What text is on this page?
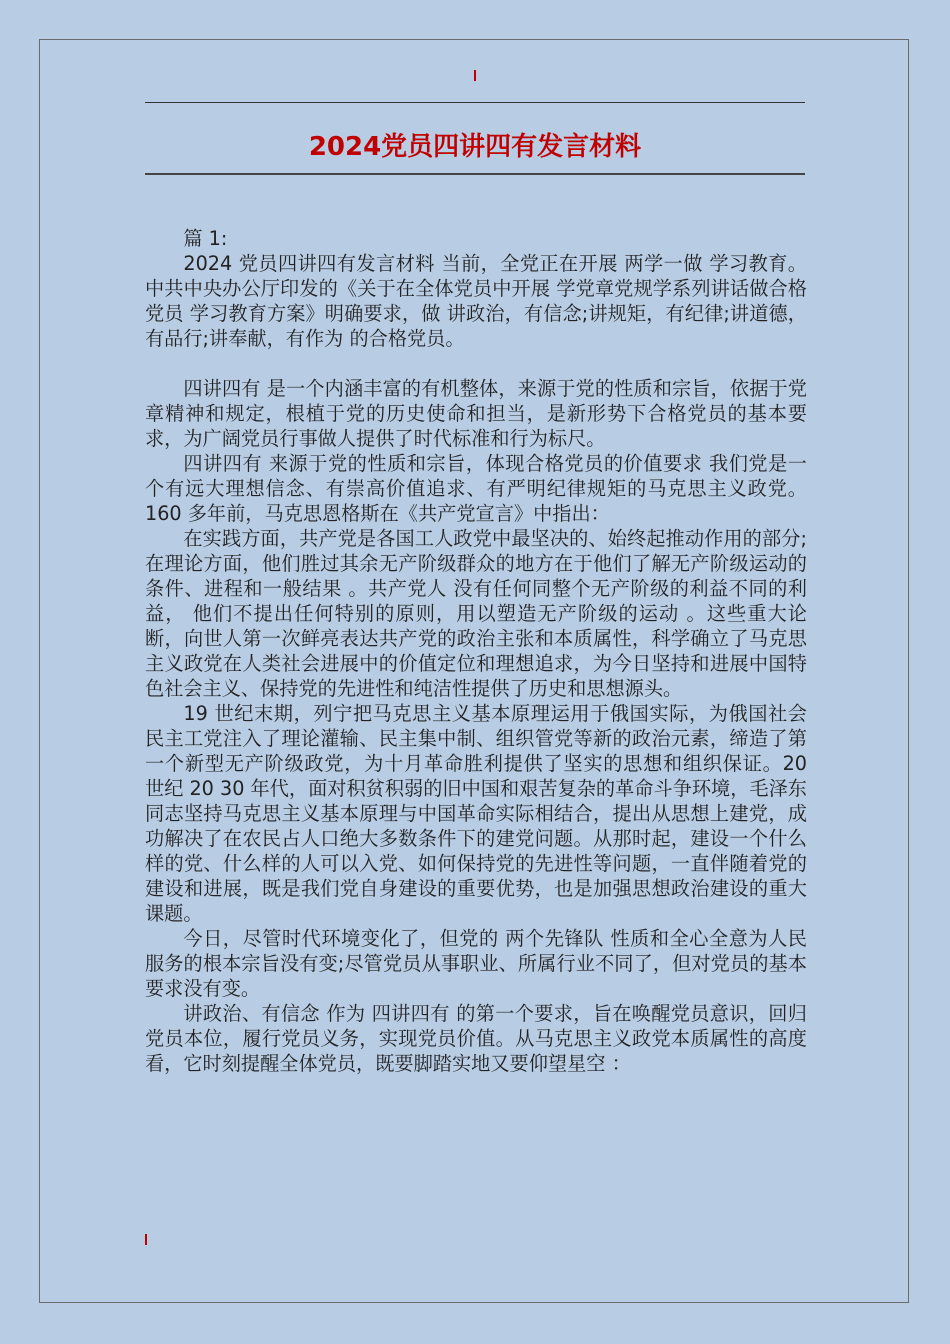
2024党员四讲四有发言材料

篇 1:

2024 党员四讲四有发言材料 当前，全党正在开展 两学一做 学习教育。中共中央办公厅印发的《关于在全体党员中开展 学党章党规学系列讲话做合格党员 学习教育方案》明确要求，做 讲政治，有信念;讲规矩，有纪律;讲道德，有品行;讲奉献，有作为 的合格党员。

四讲四有 是一个内涵丰富的有机整体，来源于党的性质和宗旨，依据于党章精神和规定，根植于党的历史使命和担当，是新形势下合格党员的基本要求，为广阔党员行事做人提供了时代标准和行为标尺。

四讲四有 来源于党的性质和宗旨，体现合格党员的价值要求 我们党是一个有远大理想信念、有崇高价值追求、有严明纪律规矩的马克思主义政党。160 多年前，马克思恩格斯在《共产党宣言》中指出：

在实践方面，共产党是各国工人政党中最坚决的、始终起推动作用的部分;在理论方面，他们胜过其余无产阶级群众的地方在于他们了解无产阶级运动的条件、进程和一般结果 。共产党人 没有任何同整个无产阶级的利益不同的利益， 他们不提出任何特别的原则，用以塑造无产阶级的运动 。这些重大论断，向世人第一次鲜亮表达共产党的政治主张和本质属性，科学确立了马克思主义政党在人类社会进展中的价值定位和理想追求，为今日坚持和进展中国特色社会主义、保持党的先进性和纯洁性提供了历史和思想源头。

19 世纪末期，列宁把马克思主义基本原理运用于俄国实际，为俄国社会民主工党注入了理论灌输、民主集中制、组织管党等新的政治元素，缔造了第一个新型无产阶级政党，为十月革命胜利提供了坚实的思想和组织保证。20 世纪 20 30 年代，面对积贫积弱的旧中国和艰苦复杂的革命斗争环境，毛泽东同志坚持马克思主义基本原理与中国革命实际相结合，提出从思想上建党，成功解决了在农民占人口绝大多数条件下的建党问题。从那时起，建设一个什么样的党、什么样的人可以入党、如何保持党的先进性等问题，一直伴随着党的建设和进展，既是我们党自身建设的重要优势，也是加强思想政治建设的重大课题。

今日，尽管时代环境变化了，但党的 两个先锋队 性质和全心全意为人民服务的根本宗旨没有变;尽管党员从事职业、所属行业不同了，但对党员的基本要求没有变。

讲政治、有信念 作为 四讲四有 的第一个要求，旨在唤醒党员意识，回归党员本位，履行党员义务，实现党员价值。从马克思主义政党本质属性的高度看，它时刻提醒全体党员，既要脚踏实地又要仰望星空 ：
